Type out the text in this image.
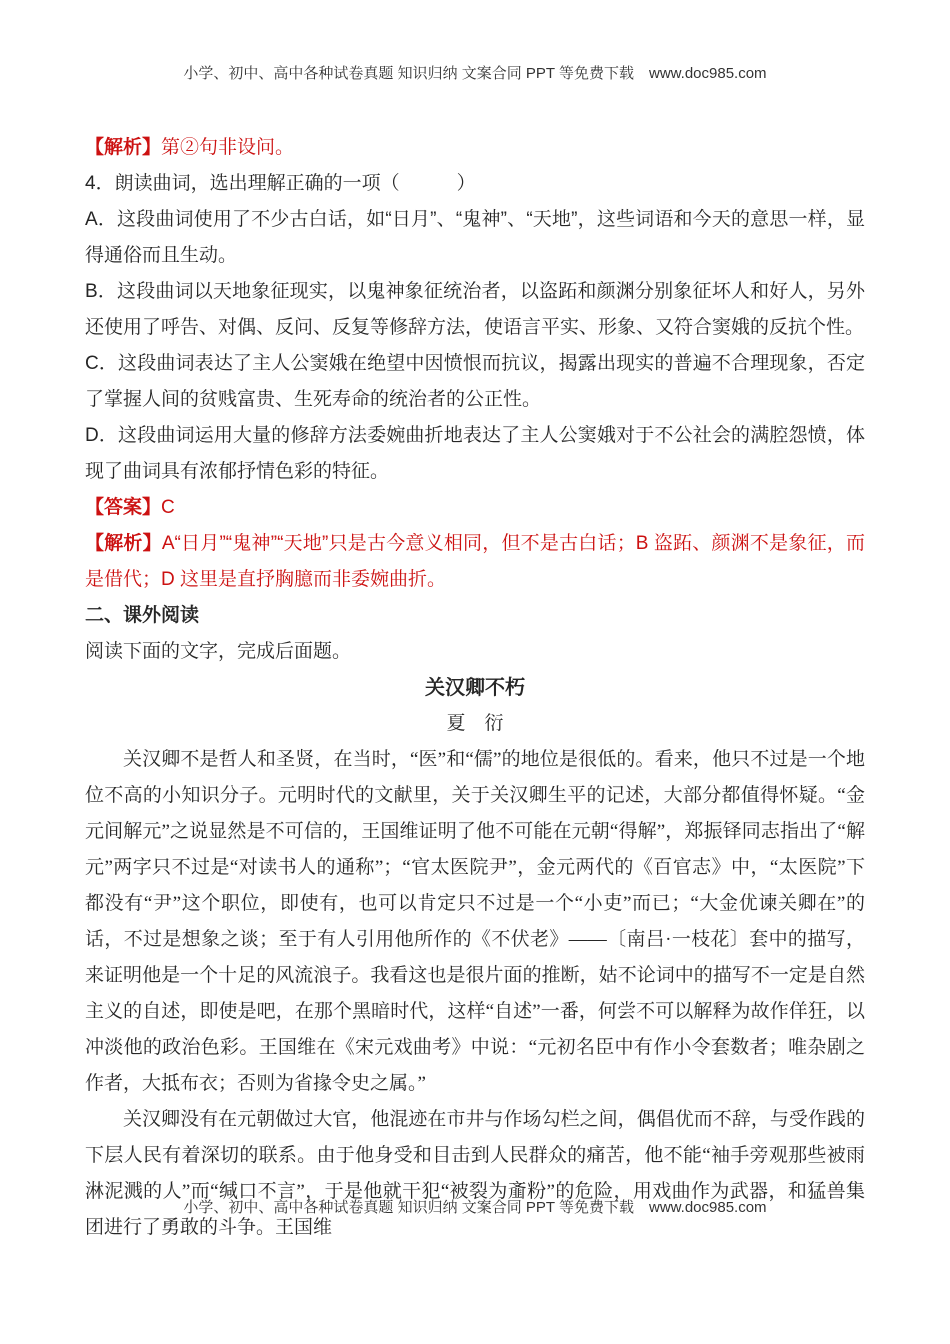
小学、初中、高中各种试卷真题 知识归纳 文案合同 PPT 等免费下载　www.doc985.com

【解析】第②句非设问。

4．朗读曲词，选出理解正确的一项（　　　）

A．这段曲词使用了不少古白话，如“日月”、“鬼神”、“天地”，这些词语和今天的意思一样，显得通俗而且生动。

B．这段曲词以天地象征现实，以鬼神象征统治者，以盗跖和颜渊分别象征坏人和好人，另外还使用了呼告、对偶、反问、反复等修辞方法，使语言平实、形象、又符合窦娥的反抗个性。

C．这段曲词表达了主人公窦娥在绝望中因愤恨而抗议，揭露出现实的普遍不合理现象，否定了掌握人间的贫贱富贵、生死寿命的统治者的公正性。

D．这段曲词运用大量的修辞方法委婉曲折地表达了主人公窦娥对于不公社会的满腔怨愤，体现了曲词具有浓郁抒情色彩的特征。

【答案】C

【解析】A“日月”“鬼神”“天地”只是古今意义相同，但不是古白话；B 盗跖、颜渊不是象征，而是借代；D 这里是直抒胸臆而非委婉曲折。

二、课外阅读

阅读下面的文字，完成后面题。

关汉卿不朽

夏　衍

关汉卿不是哲人和圣贤，在当时，“医”和“儒”的地位是很低的。看来，他只不过是一个地位不高的小知识分子。元明时代的文献里，关于关汉卿生平的记述，大部分都值得怀疑。“金元间解元”之说显然是不可信的，王国维证明了他不可能在元朝“得解”，郑振铎同志指出了“解元”两字只不过是“对读书人的通称”；“官太医院尹”，金元两代的《百官志》中，“太医院”下都没有“尹”这个职位，即使有，也可以肯定只不过是一个“小吏”而已；“大金优谏关卿在”的话，不过是想象之谈；至于有人引用他所作的《不伏老》——〔南吕·一枝花〕套中的描写，来证明他是一个十足的风流浪子。我看这也是很片面的推断，姑不论词中的描写不一定是自然主义的自述，即使是吧，在那个黑暗时代，这样“自述”一番，何尝不可以解释为故作佯狂，以冲淡他的政治色彩。王国维在《宋元戏曲考》中说：“元初名臣中有作小令套数者；唯杂剧之作者，大抵布衣；否则为省掾令史之属。”

关汉卿没有在元朝做过大官，他混迹在市井与作场勾栏之间，偶倡优而不辞，与受作践的下层人民有着深切的联系。由于他身受和目击到人民群众的痛苦，他不能“袖手旁观那些被雨淋泥溅的人”而“缄口不言”，于是他就干犯“被裂为齑粉”的危险，用戏曲作为武器，和猛兽集团进行了勇敢的斗争。王国维

小学、初中、高中各种试卷真题 知识归纳 文案合同 PPT 等免费下载　www.doc985.com
